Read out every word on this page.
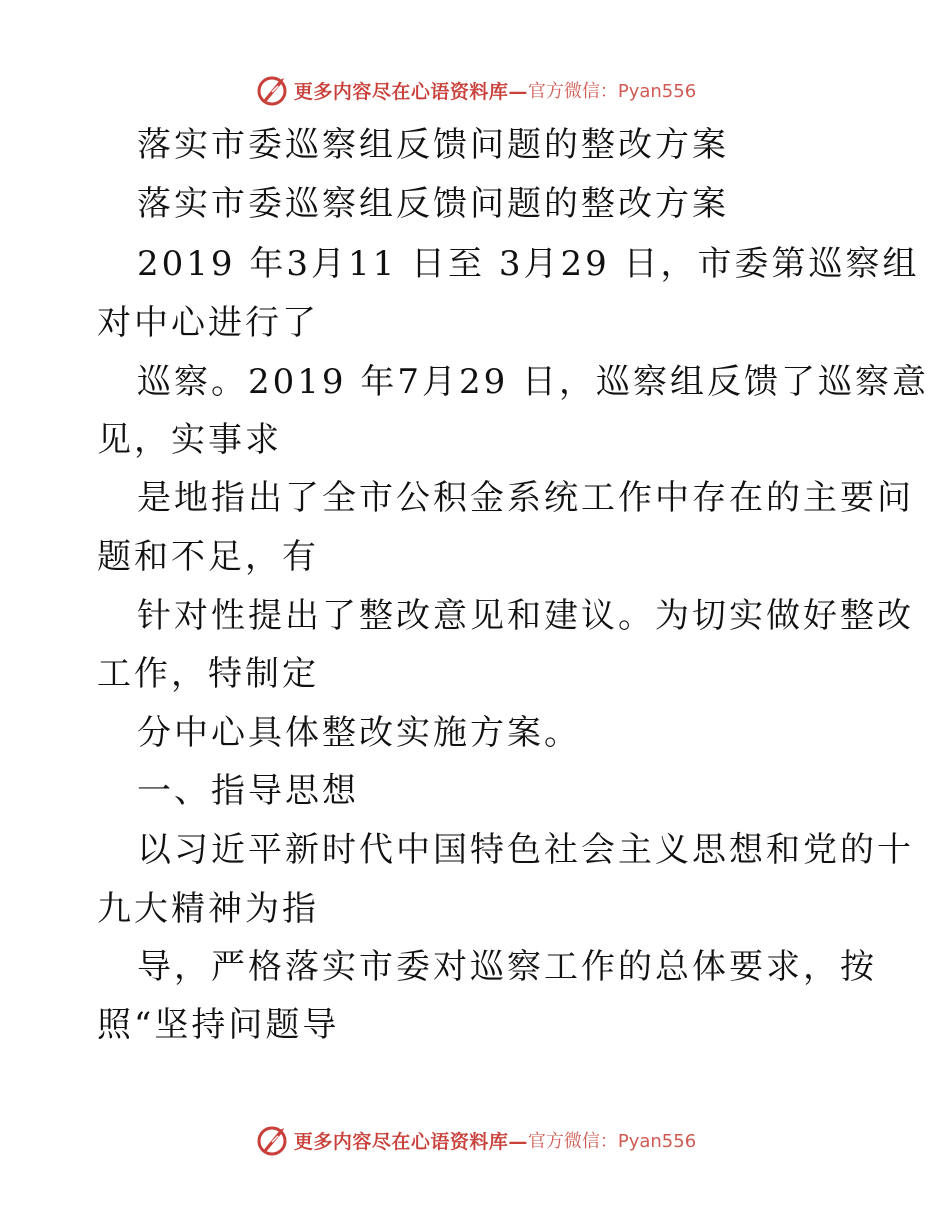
更多内容尽在心语资料库— 官方微信：Pyan556
落实市委巡察组反馈问题的整改方案
落实市委巡察组反馈问题的整改方案
2019 年3月11 日至 3月29 日，市委第巡察组
对中心进行了
巡察。2019 年7月29 日，巡察组反馈了巡察意
见，实事求
是地指出了全市公积金系统工作中存在的主要问
题和不足，有
针对性提出了整改意见和建议。为切实做好整改
工作，特制定
分中心具体整改实施方案。
一、指导思想
以习近平新时代中国特色社会主义思想和党的十
九大精神为指
导，严格落实市委对巡察工作的总体要求，按
照“坚持问题导
更多内容尽在心语资料库— 官方微信：Pyan556
